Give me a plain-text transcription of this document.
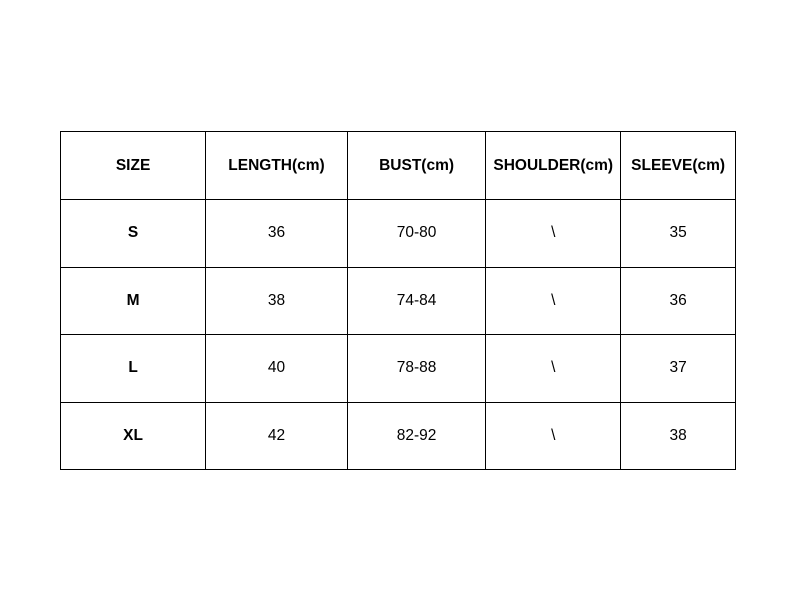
SIZE	LENGTH(cm)	BUST(cm)	SHOULDER(cm)	SLEEVE(cm)
S	36	70-80	\	35
M	38	74-84	\	36
L	40	78-88	\	37
XL	42	82-92	\	38
